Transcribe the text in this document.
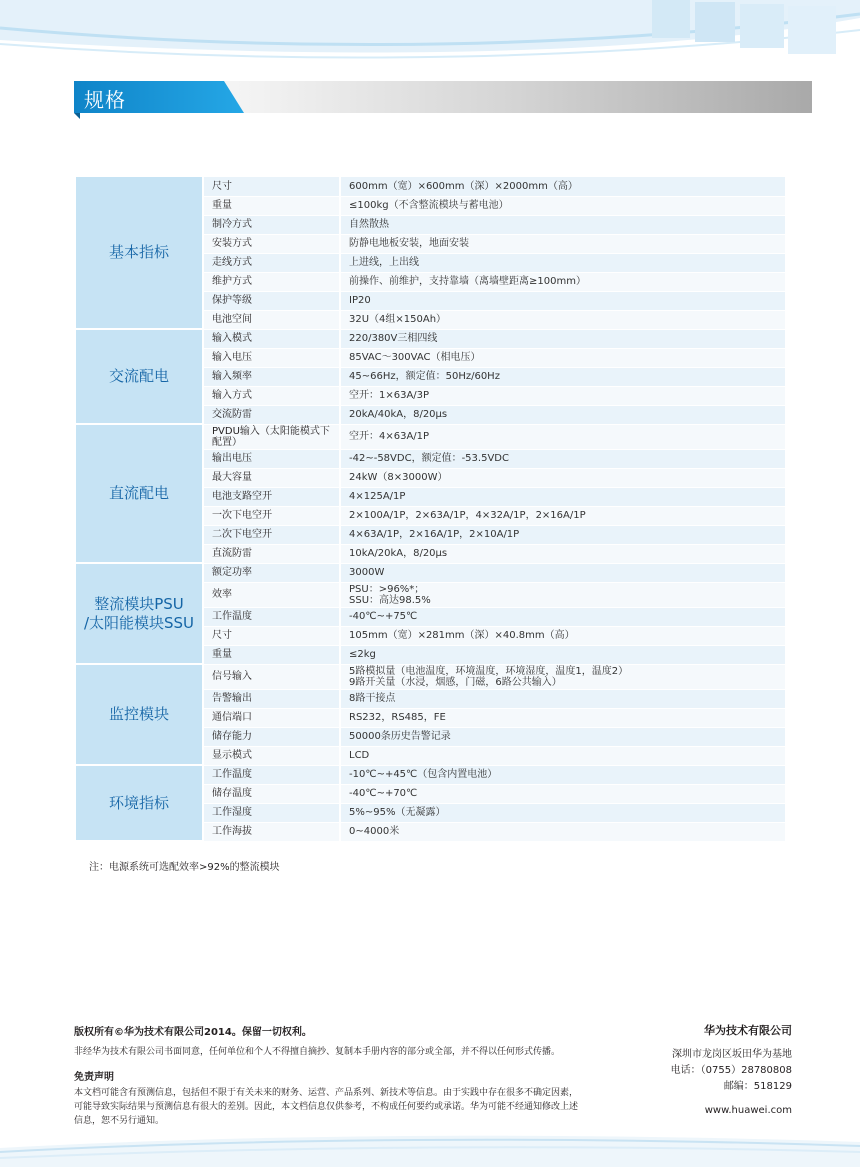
规格
基本指标	尺寸	600mm（宽）×600mm（深）×2000mm（高）
	重量	≤100kg（不含整流模块与蓄电池）
	制冷方式	自然散热
	安装方式	防静电地板安装，地面安装
	走线方式	上进线，上出线
	维护方式	前操作、前维护，支持靠墙（离墙壁距离≥100mm）
	保护等级	IP20
	电池空间	32U（4组×150Ah）
交流配电	输入模式	220/380V三相四线
	输入电压	85VAC～300VAC（相电压）
	输入频率	45~66Hz，额定值：50Hz/60Hz
	输入方式	空开：1×63A/3P
	交流防雷	20kA/40kA，8/20μs
直流配电	PVDU输入（太阳能模式下配置）	空开：4×63A/1P
	输出电压	-42~-58VDC，额定值：-53.5VDC
	最大容量	24kW（8×3000W）
	电池支路空开	4×125A/1P
	一次下电空开	2×100A/1P，2×63A/1P，4×32A/1P，2×16A/1P
	二次下电空开	4×63A/1P，2×16A/1P，2×10A/1P
	直流防雷	10kA/20kA，8/20μs

整流模块PSU
/太阳能模块SSU	额定功率	3000W
	效率	PSU：>96%*；
SSU：高达98.5%

	工作温度	-40℃~+75℃
	尺寸	105mm（宽）×281mm（深）×40.8mm（高）
	重量	≤2kg
监控模块	信号输入	5路模拟量（电池温度，环境温度，环境湿度，温度1，温度2）
9路开关量（水浸，烟感，门磁，6路公共输入）

	告警输出	8路干接点
	通信端口	RS232，RS485，FE
	储存能力	50000条历史告警记录
	显示模式	LCD
环境指标	工作温度	-10℃~+45℃（包含内置电池）
	储存温度	-40℃~+70℃
	工作湿度	5%~95%（无凝露）
	工作海拔	0~4000米
注：电源系统可选配效率>92%的整流模块
版权所有©华为技术有限公司2014。保留一切权利。
非经华为技术有限公司书面同意，任何单位和个人不得擅自摘抄、复制本手册内容的部分或全部，并不得以任何形式传播。
免责声明
本文档可能含有预测信息，包括但不限于有关未来的财务、运营、产品系列、新技术等信息。由于实践中存在很多不确定因素，
可能导致实际结果与预测信息有很大的差别。因此，本文档信息仅供参考，不构成任何要约或承诺。华为可能不经通知修改上述
信息，恕不另行通知。
华为技术有限公司
深圳市龙岗区坂田华为基地
电话：（0755）28780808
邮编：518129
www.huawei.com
